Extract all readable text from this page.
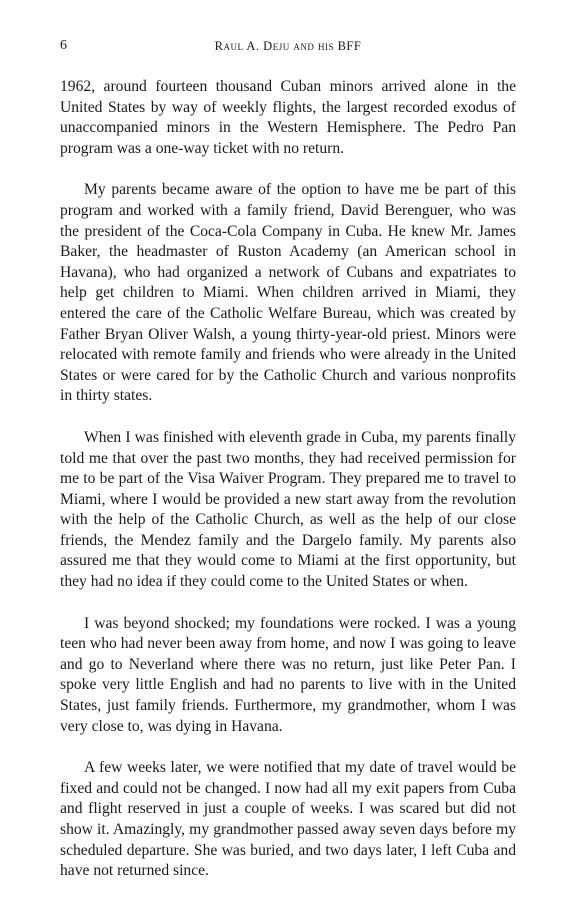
6	Raul A. Deju and his BFF

1962, around fourteen thousand Cuban minors arrived alone in the United States by way of weekly flights, the largest recorded exodus of unaccompanied minors in the Western Hemisphere. The Pedro Pan program was a one-way ticket with no return.

My parents became aware of the option to have me be part of this program and worked with a family friend, David Berenguer, who was the president of the Coca-Cola Company in Cuba. He knew Mr. James Baker, the headmaster of Ruston Academy (an American school in Havana), who had organized a network of Cubans and expatriates to help get children to Miami. When children arrived in Miami, they entered the care of the Catholic Welfare Bureau, which was created by Father Bryan Oliver Walsh, a young thirty-year-old priest. Minors were relocated with remote family and friends who were already in the United States or were cared for by the Catholic Church and various nonprofits in thirty states.

When I was finished with eleventh grade in Cuba, my parents finally told me that over the past two months, they had received permission for me to be part of the Visa Waiver Program. They prepared me to travel to Miami, where I would be provided a new start away from the revolution with the help of the Catholic Church, as well as the help of our close friends, the Mendez family and the Dargelo family. My parents also assured me that they would come to Miami at the first opportunity, but they had no idea if they could come to the United States or when.

I was beyond shocked; my foundations were rocked. I was a young teen who had never been away from home, and now I was going to leave and go to Neverland where there was no return, just like Peter Pan. I spoke very little English and had no parents to live with in the United States, just family friends. Furthermore, my grandmother, whom I was very close to, was dying in Havana.

A few weeks later, we were notified that my date of travel would be fixed and could not be changed. I now had all my exit papers from Cuba and flight reserved in just a couple of weeks. I was scared but did not show it. Amazingly, my grandmother passed away seven days before my scheduled departure. She was buried, and two days later, I left Cuba and have not returned since.
